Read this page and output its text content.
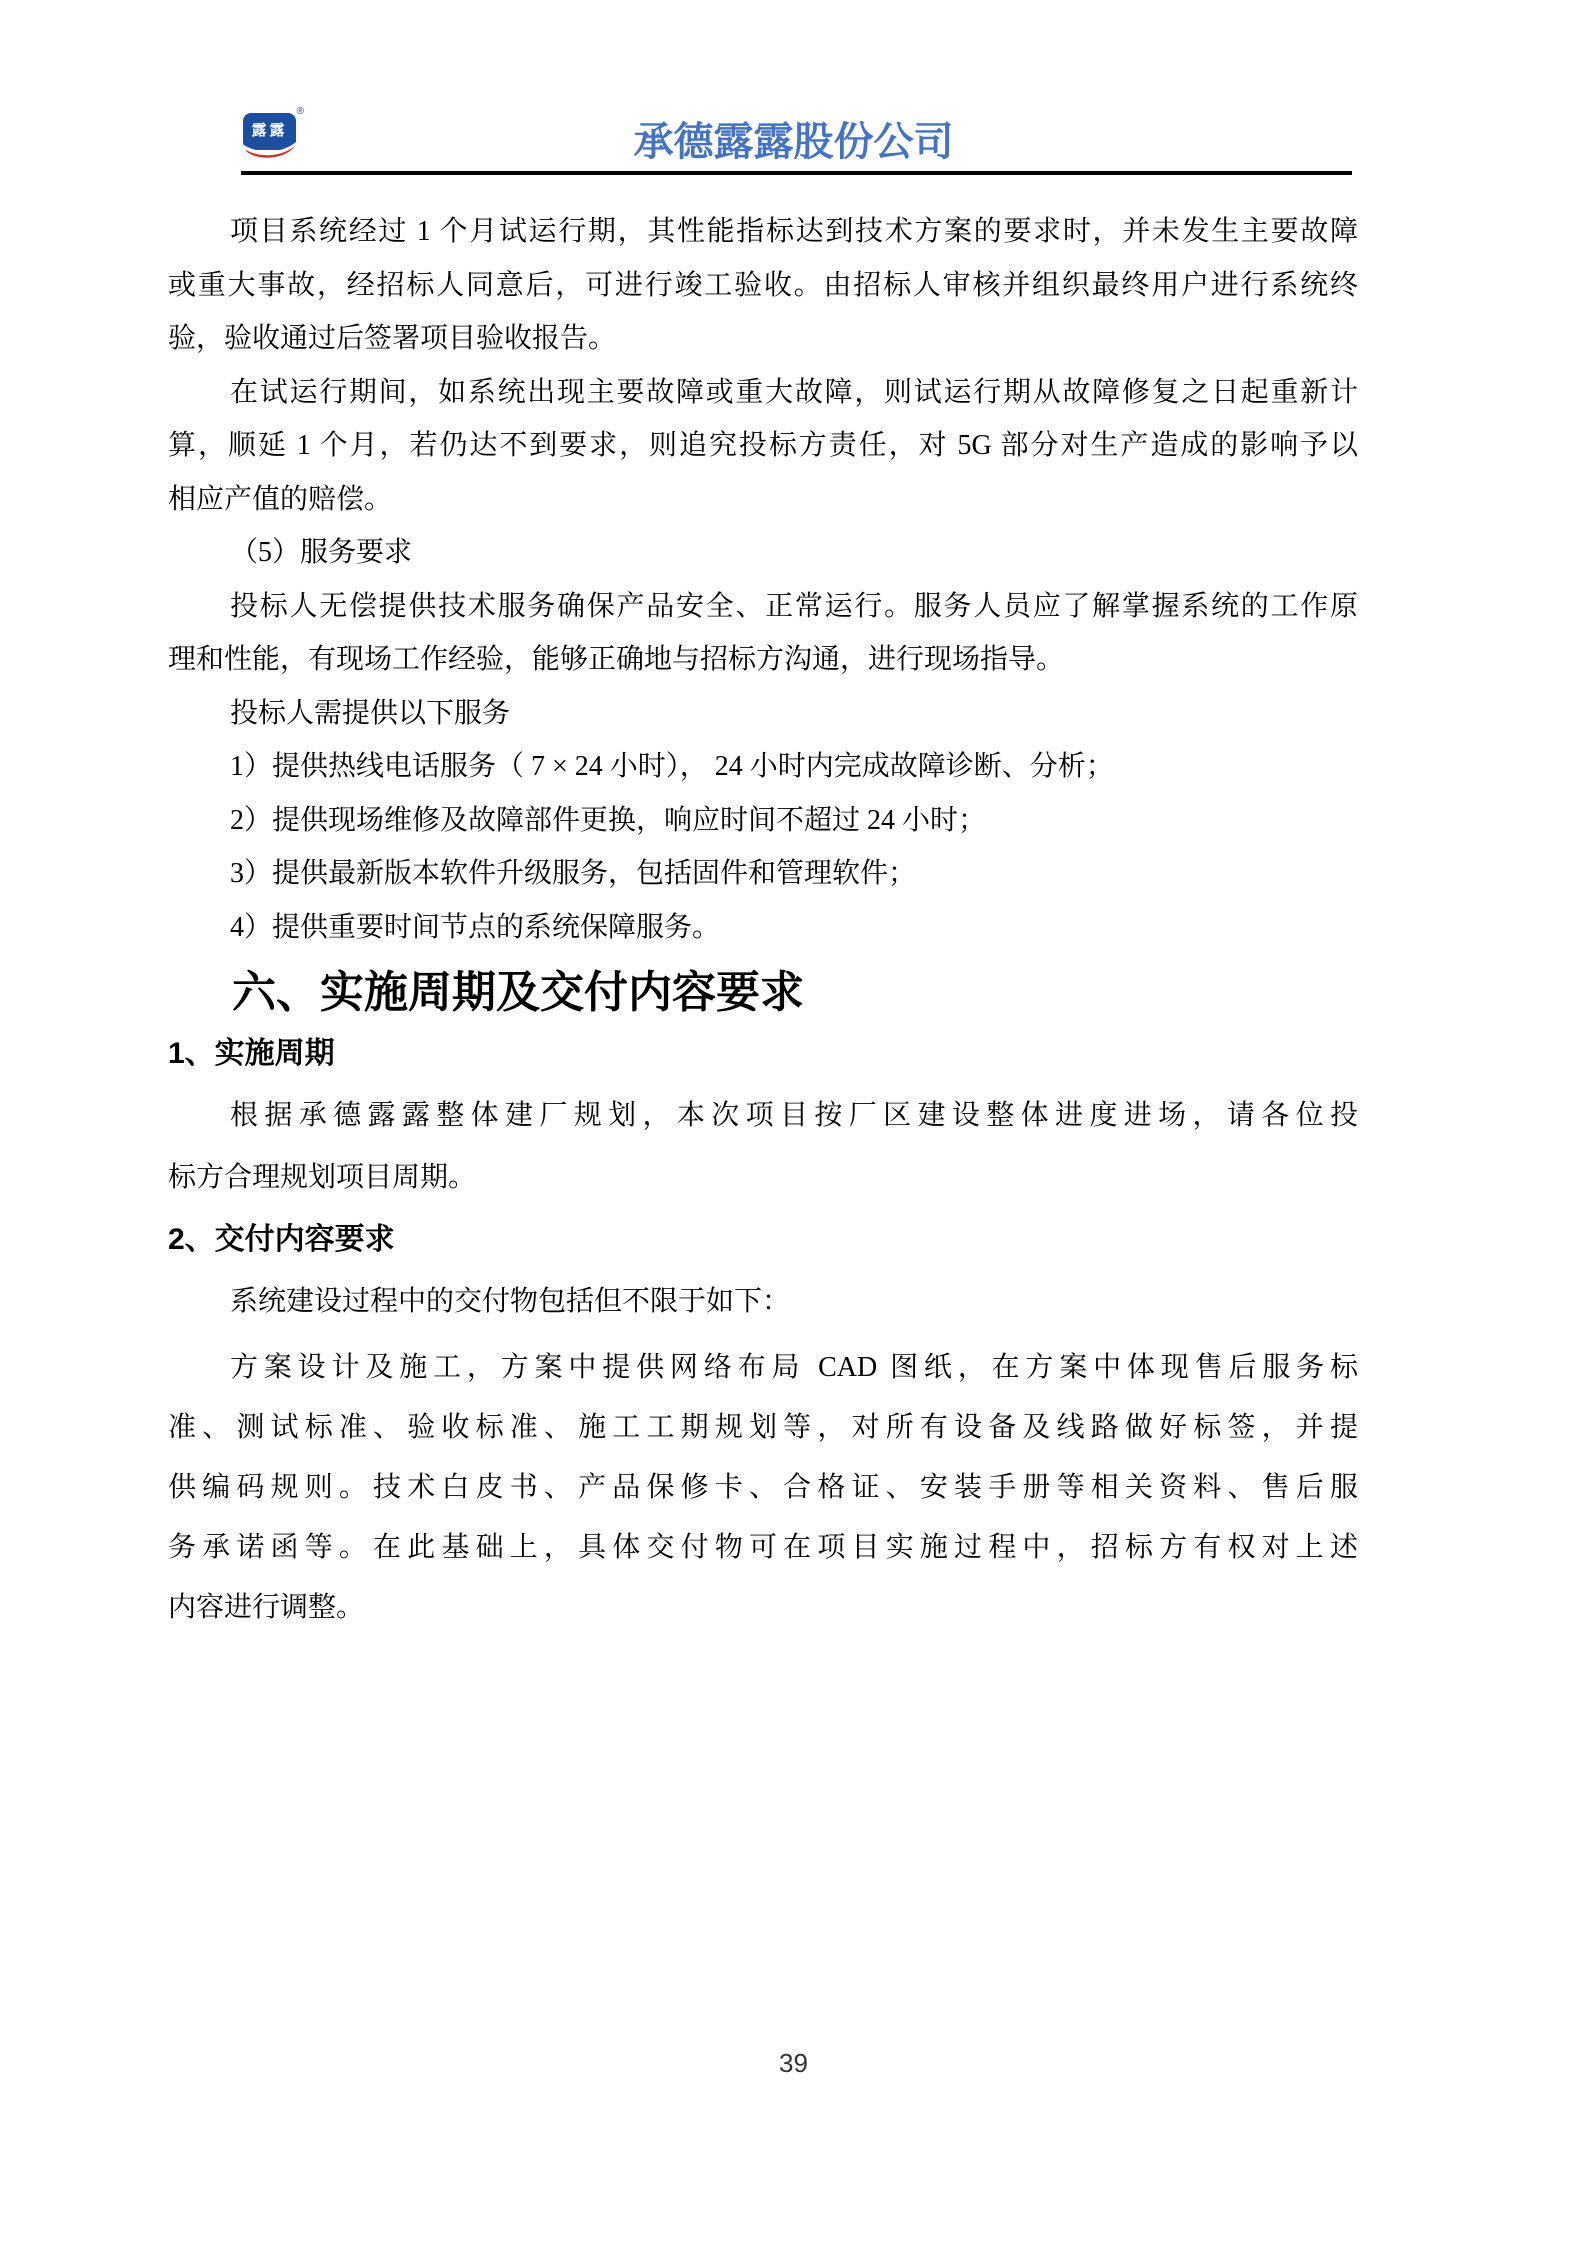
露露
®
承德露露股份公司
项目系统经过 1 个月试运行期，其性能指标达到技术方案的要求时，并未发生主要故障
或重大事故，经招标人同意后，可进行竣工验收。由招标人审核并组织最终用户进行系统终
验，验收通过后签署项目验收报告。
在试运行期间，如系统出现主要故障或重大故障，则试运行期从故障修复之日起重新计
算，顺延 1 个月，若仍达不到要求，则追究投标方责任，对 5G 部分对生产造成的影响予以
相应产值的赔偿。
（5）服务要求
投标人无偿提供技术服务确保产品安全、正常运行。服务人员应了解掌握系统的工作原
理和性能，有现场工作经验，能够正确地与招标方沟通，进行现场指导。
投标人需提供以下服务
1）提供热线电话服务（ 7 × 24 小时）， 24 小时内完成故障诊断、分析；
2）提供现场维修及故障部件更换，响应时间不超过 24 小时；
3）提供最新版本软件升级服务，包括固件和管理软件；
4）提供重要时间节点的系统保障服务。
六、实施周期及交付内容要求
1、实施周期
根据承德露露整体建厂规划，本次项目按厂区建设整体进度进场，请各位投
标方合理规划项目周期。
2、交付内容要求
系统建设过程中的交付物包括但不限于如下：
方案设计及施工，方案中提供网络布局 CAD 图纸，在方案中体现售后服务标
准、测试标准、验收标准、施工工期规划等，对所有设备及线路做好标签，并提
供编码规则。技术白皮书、产品保修卡、合格证、安装手册等相关资料、售后服
务承诺函等。在此基础上，具体交付物可在项目实施过程中，招标方有权对上述
内容进行调整。
39
